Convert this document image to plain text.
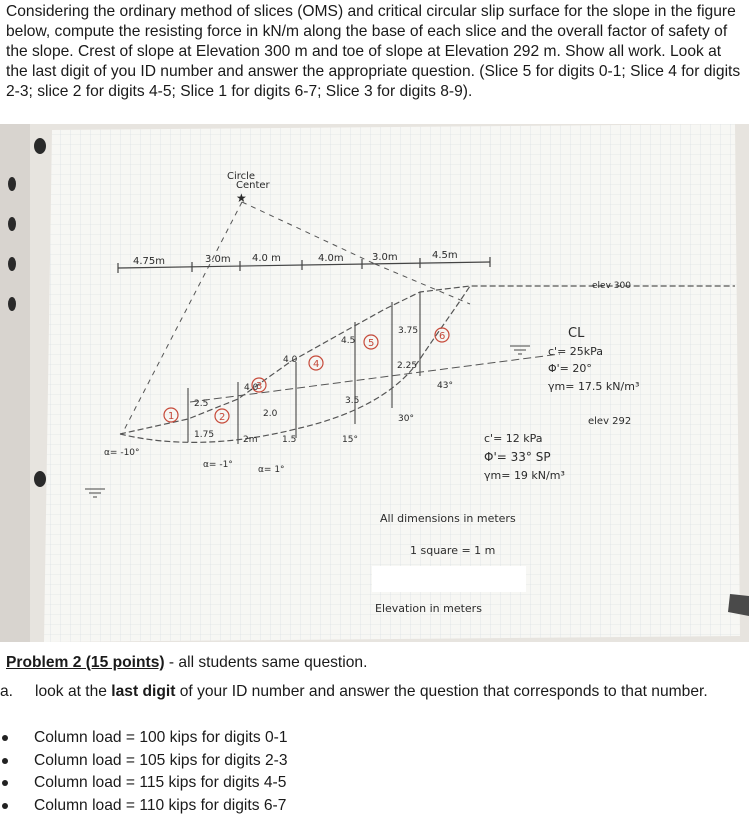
Considering the ordinary method of slices (OMS) and critical circular slip surface for the slope in the figure below, compute the resisting force in kN/m along the base of each slice and the overall factor of safety of the slope. Crest of slope at Elevation 300 m and toe of slope at Elevation 292 m. Show all work. Look at the last digit of you ID number and answer the appropriate question. (Slice 5 for digits 0-1; Slice 4 for digits 2-3; slice 2 for digits 4-5; Slice 1 for digits 6-7; Slice 3 for digits 8-9).

Circle
Center
★
4.75m	3.0m 4.0 m	4.0m	3.0m	4.5m
1	2
3
4
5
6
2.5
4.0
4.0
4.5
3.75
1.75
2.0
2m	1.5
3.5
2.25
α= -10°
α= -1°	α= 1°
15°
30°
43°
elev 300
elev 292
CL
c'= 25kPa
Φ'= 20°
γm= 17.5 kN/m³
c'= 12 kPa
Φ'= 33° SP
γm= 19 kN/m³
All dimensions in meters
1 square = 1 m
Elevation in meters

Problem 2 (15 points) - all students same question.

a. look at the last digit of your ID number and answer the question that corresponds to that number.
Column load = 100 kips for digits 0-1
Column load = 105 kips for digits 2-3
Column load = 115 kips for digits 4-5
Column load = 110 kips for digits 6-7
